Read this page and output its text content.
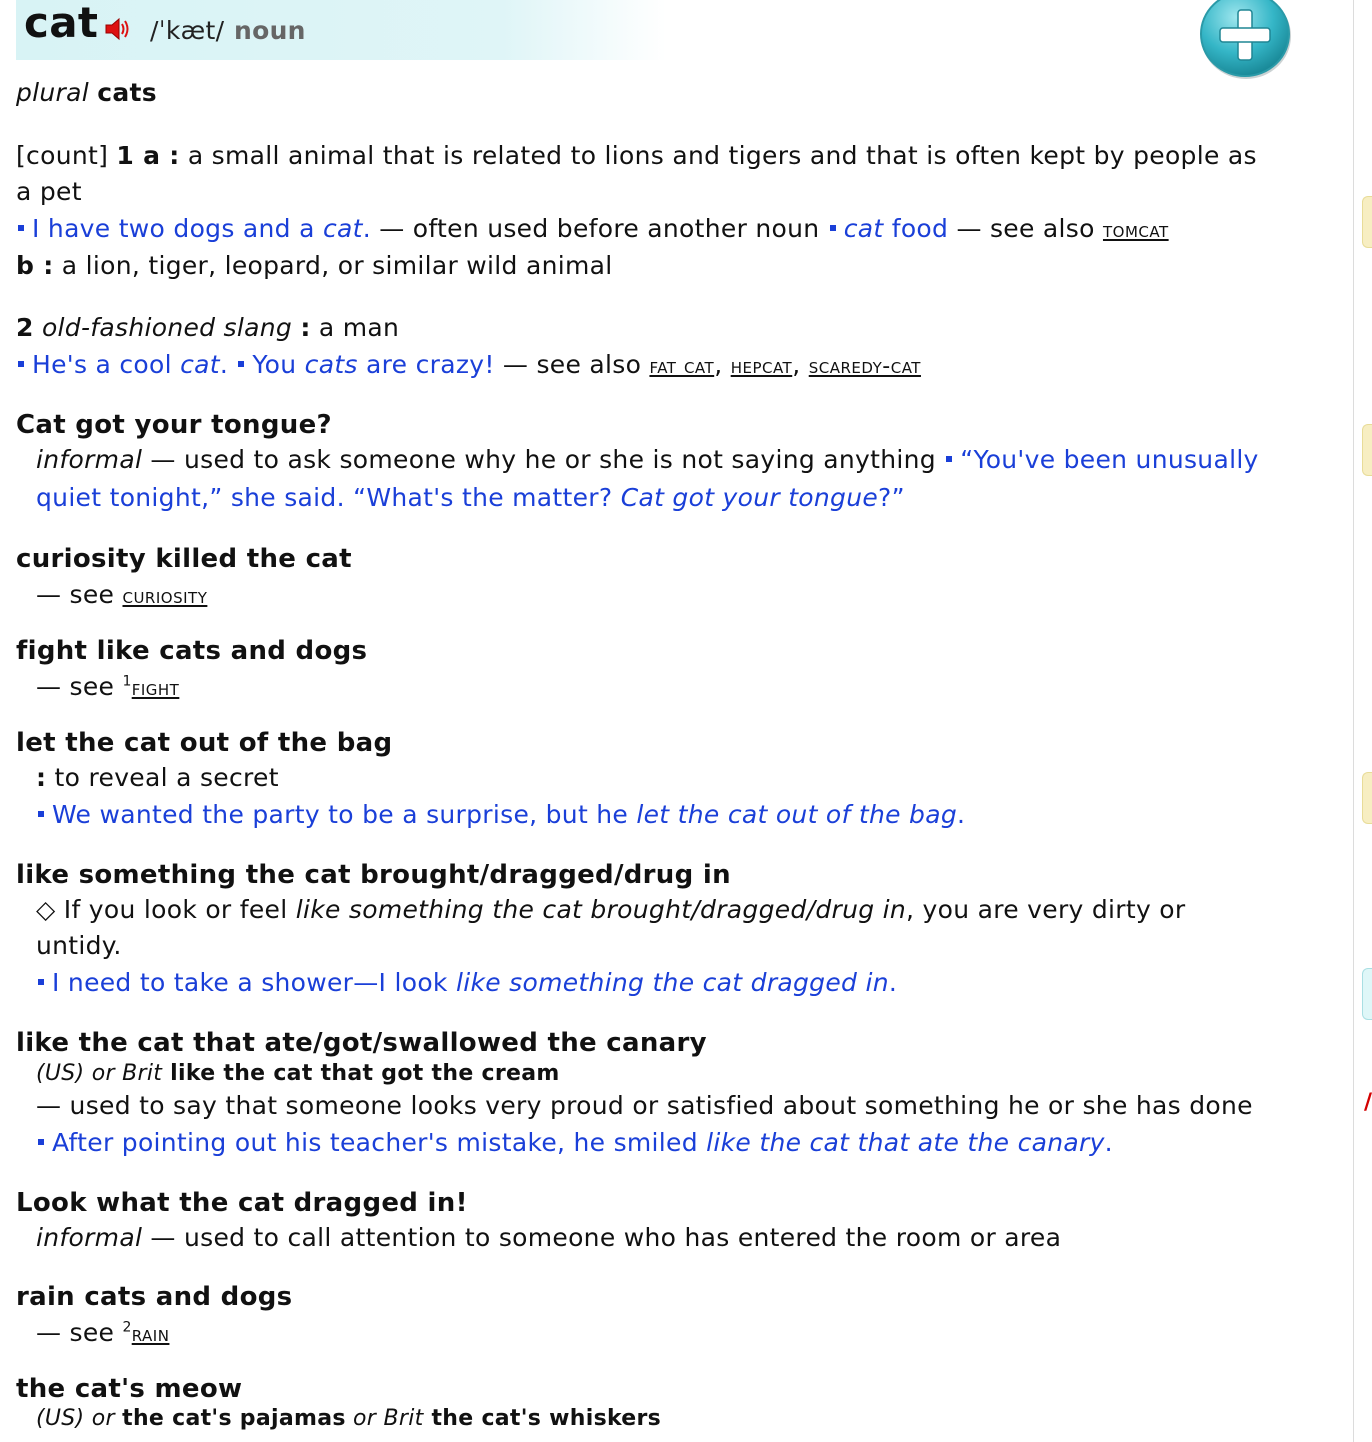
cat /ˈkæt/ noun
/
plural cats
[count] 1 a : a small animal that is related to lions and tigers and that is often kept by people as
a pet
I have two dogs and a cat. — often used before another noun cat food — see also tomcat
b : a lion, tiger, leopard, or similar wild animal
2 old-fashioned slang : a man
He's a cool cat. You cats are crazy! — see also fat cat, hepcat, scaredy-cat
Cat got your tongue?
informal — used to ask someone why he or she is not saying anything “You've been unusually
quiet tonight,” she said. “What's the matter? Cat got your tongue?”
curiosity killed the cat
— see curiosity
fight like cats and dogs
— see $^1$fight
let the cat out of the bag
: to reveal a secret
We wanted the party to be a surprise, but he let the cat out of the bag.
like something the cat brought/dragged/drug in
◇ If you look or feel like something the cat brought/dragged/drug in, you are very dirty or
untidy.
I need to take a shower—I look like something the cat dragged in.
like the cat that ate/got/swallowed the canary
(US) or Brit like the cat that got the cream
— used to say that someone looks very proud or satisfied about something he or she has done
After pointing out his teacher's mistake, he smiled like the cat that ate the canary.
Look what the cat dragged in!
informal — used to call attention to someone who has entered the room or area
rain cats and dogs
— see $^2$rain
the cat's meow
(US) or the cat's pajamas or Brit the cat's whiskers
